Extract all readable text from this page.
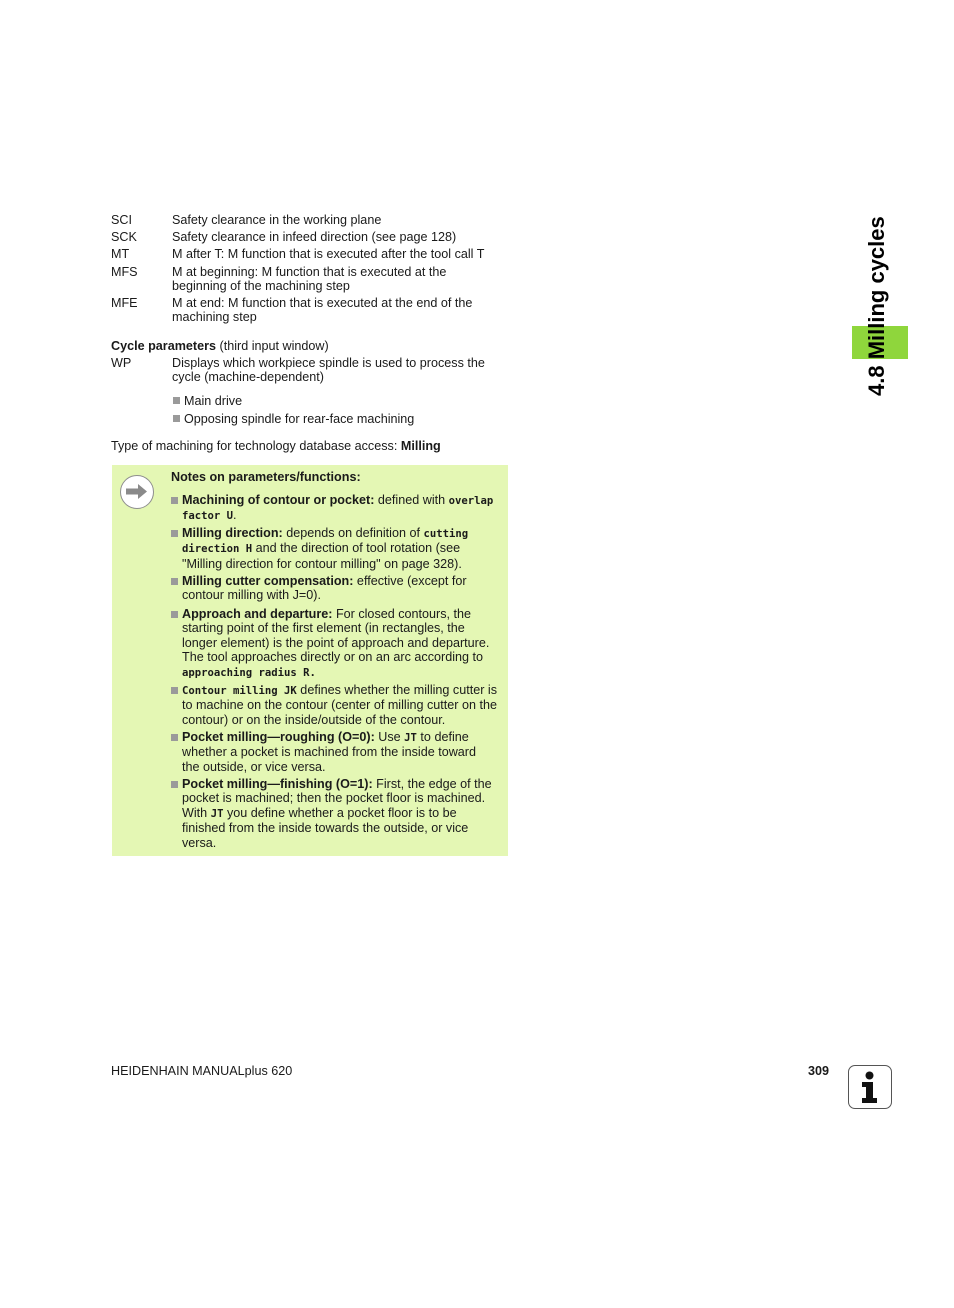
4.8 Milling cycles
SCI	Safety clearance in the working plane
SCK	Safety clearance in infeed direction (see page 128)
MT	M after T: M function that is executed after the tool call T
MFS	M at beginning: M function that is executed at the beginning of the machining step
MFE	M at end: M function that is executed at the end of the machining step
Cycle parameters (third input window)
WP	Displays which workpiece spindle is used to process the cycle (machine-dependent)
Main drive
Opposing spindle for rear-face machining
Type of machining for technology database access: Milling
Notes on parameters/functions:
Machining of contour or pocket: defined with overlap factor U.
Milling direction: depends on definition of cutting direction H and the direction of tool rotation (see "Milling direction for contour milling" on page 328).
Milling cutter compensation: effective (except for contour milling with J=0).
Approach and departure: For closed contours, the starting point of the first element (in rectangles, the longer element) is the point of approach and departure. The tool approaches directly or on an arc according to approaching radius R.
Contour milling JK defines whether the milling cutter is to machine on the contour (center of milling cutter on the contour) or on the inside/outside of the contour.
Pocket milling—roughing (O=0): Use JT to define whether a pocket is machined from the inside toward the outside, or vice versa.
Pocket milling—finishing (O=1): First, the edge of the pocket is machined; then the pocket floor is machined. With JT you define whether a pocket floor is to be finished from the inside towards the outside, or vice versa.
HEIDENHAIN MANUALplus 620	309
